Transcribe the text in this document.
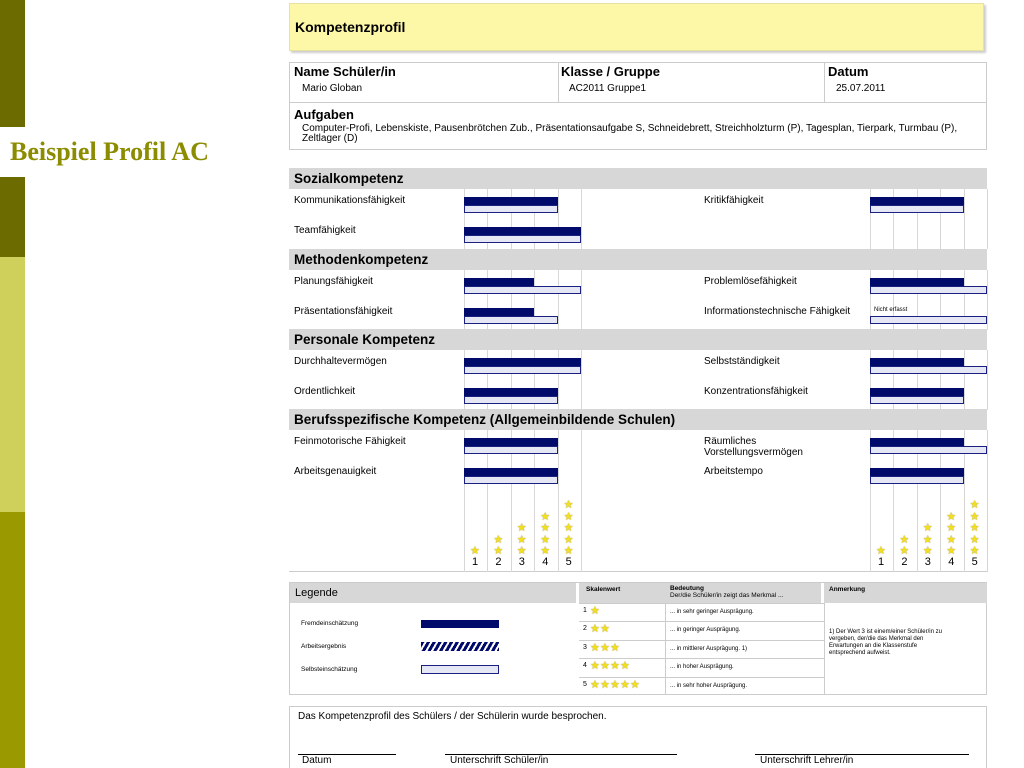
Beispiel Profil AC
Kompetenzprofil
Name Schüler/in
Mario Globan
Klasse / Gruppe
AC2011 Gruppe1
Datum
25.07.2011
Aufgaben
Computer-Profi, Lebenskiste, Pausenbrötchen Zub., Präsentationsaufgabe S, Schneidebrett, Streichholzturm (P), Tagesplan, Tierpark, Turmbau (P), Zeltlager (D)
Legende	Skalenwert	Bedeutung
Der/die Schüler/in zeigt das Merkmal ...
Anmerkung
Fremdeinschätzung
Arbeitsergebnis
Selbsteinschätzung
1) Der Wert 3 ist einem/einer Schüler/in zu vergeben, der/die das Merkmal den Erwartungen an die Klassenstufe entsprechend aufweist.
1 ★	... in sehr geringer Ausprägung.
2 ★ ★	... in geringer Ausprägung.
3 ★ ★ ★	... in mittlerer Ausprägung. 1)
4 ★ ★ ★ ★	... in hoher Ausprägung.
5 ★ ★ ★ ★ ★	... in sehr hoher Ausprägung.
Das Kompetenzprofil des Schülers / der Schülerin wurde besprochen.
Datum	Unterschrift Schüler/in	Unterschrift Lehrer/in
Sozialkompetenz
Kommunikationsfähigkeit	Kritikfähigkeit
Teamfähigkeit
Methodenkompetenz
Planungsfähigkeit	Problemlösefähigkeit
Präsentationsfähigkeit	Informationstechnische Fähigkeit	Nicht erfasst
Personale Kompetenz
Durchhaltevermögen	Selbstständigkeit
Ordentlichkeit	Konzentrationsfähigkeit
Berufsspezifische Kompetenz (Allgemeinbildende Schulen)
Feinmotorische Fähigkeit	Räumliches Vorstellungsvermögen
Arbeitsgenauigkeit	Arbeitstempo
★
1
★
★
2
★
★
★
3
★
★
★
★
4
★
★
★
★
★
5
★
1
★
★
2
★
★
★
3
★
★
★
★
4
★
★
★
★
★
5
